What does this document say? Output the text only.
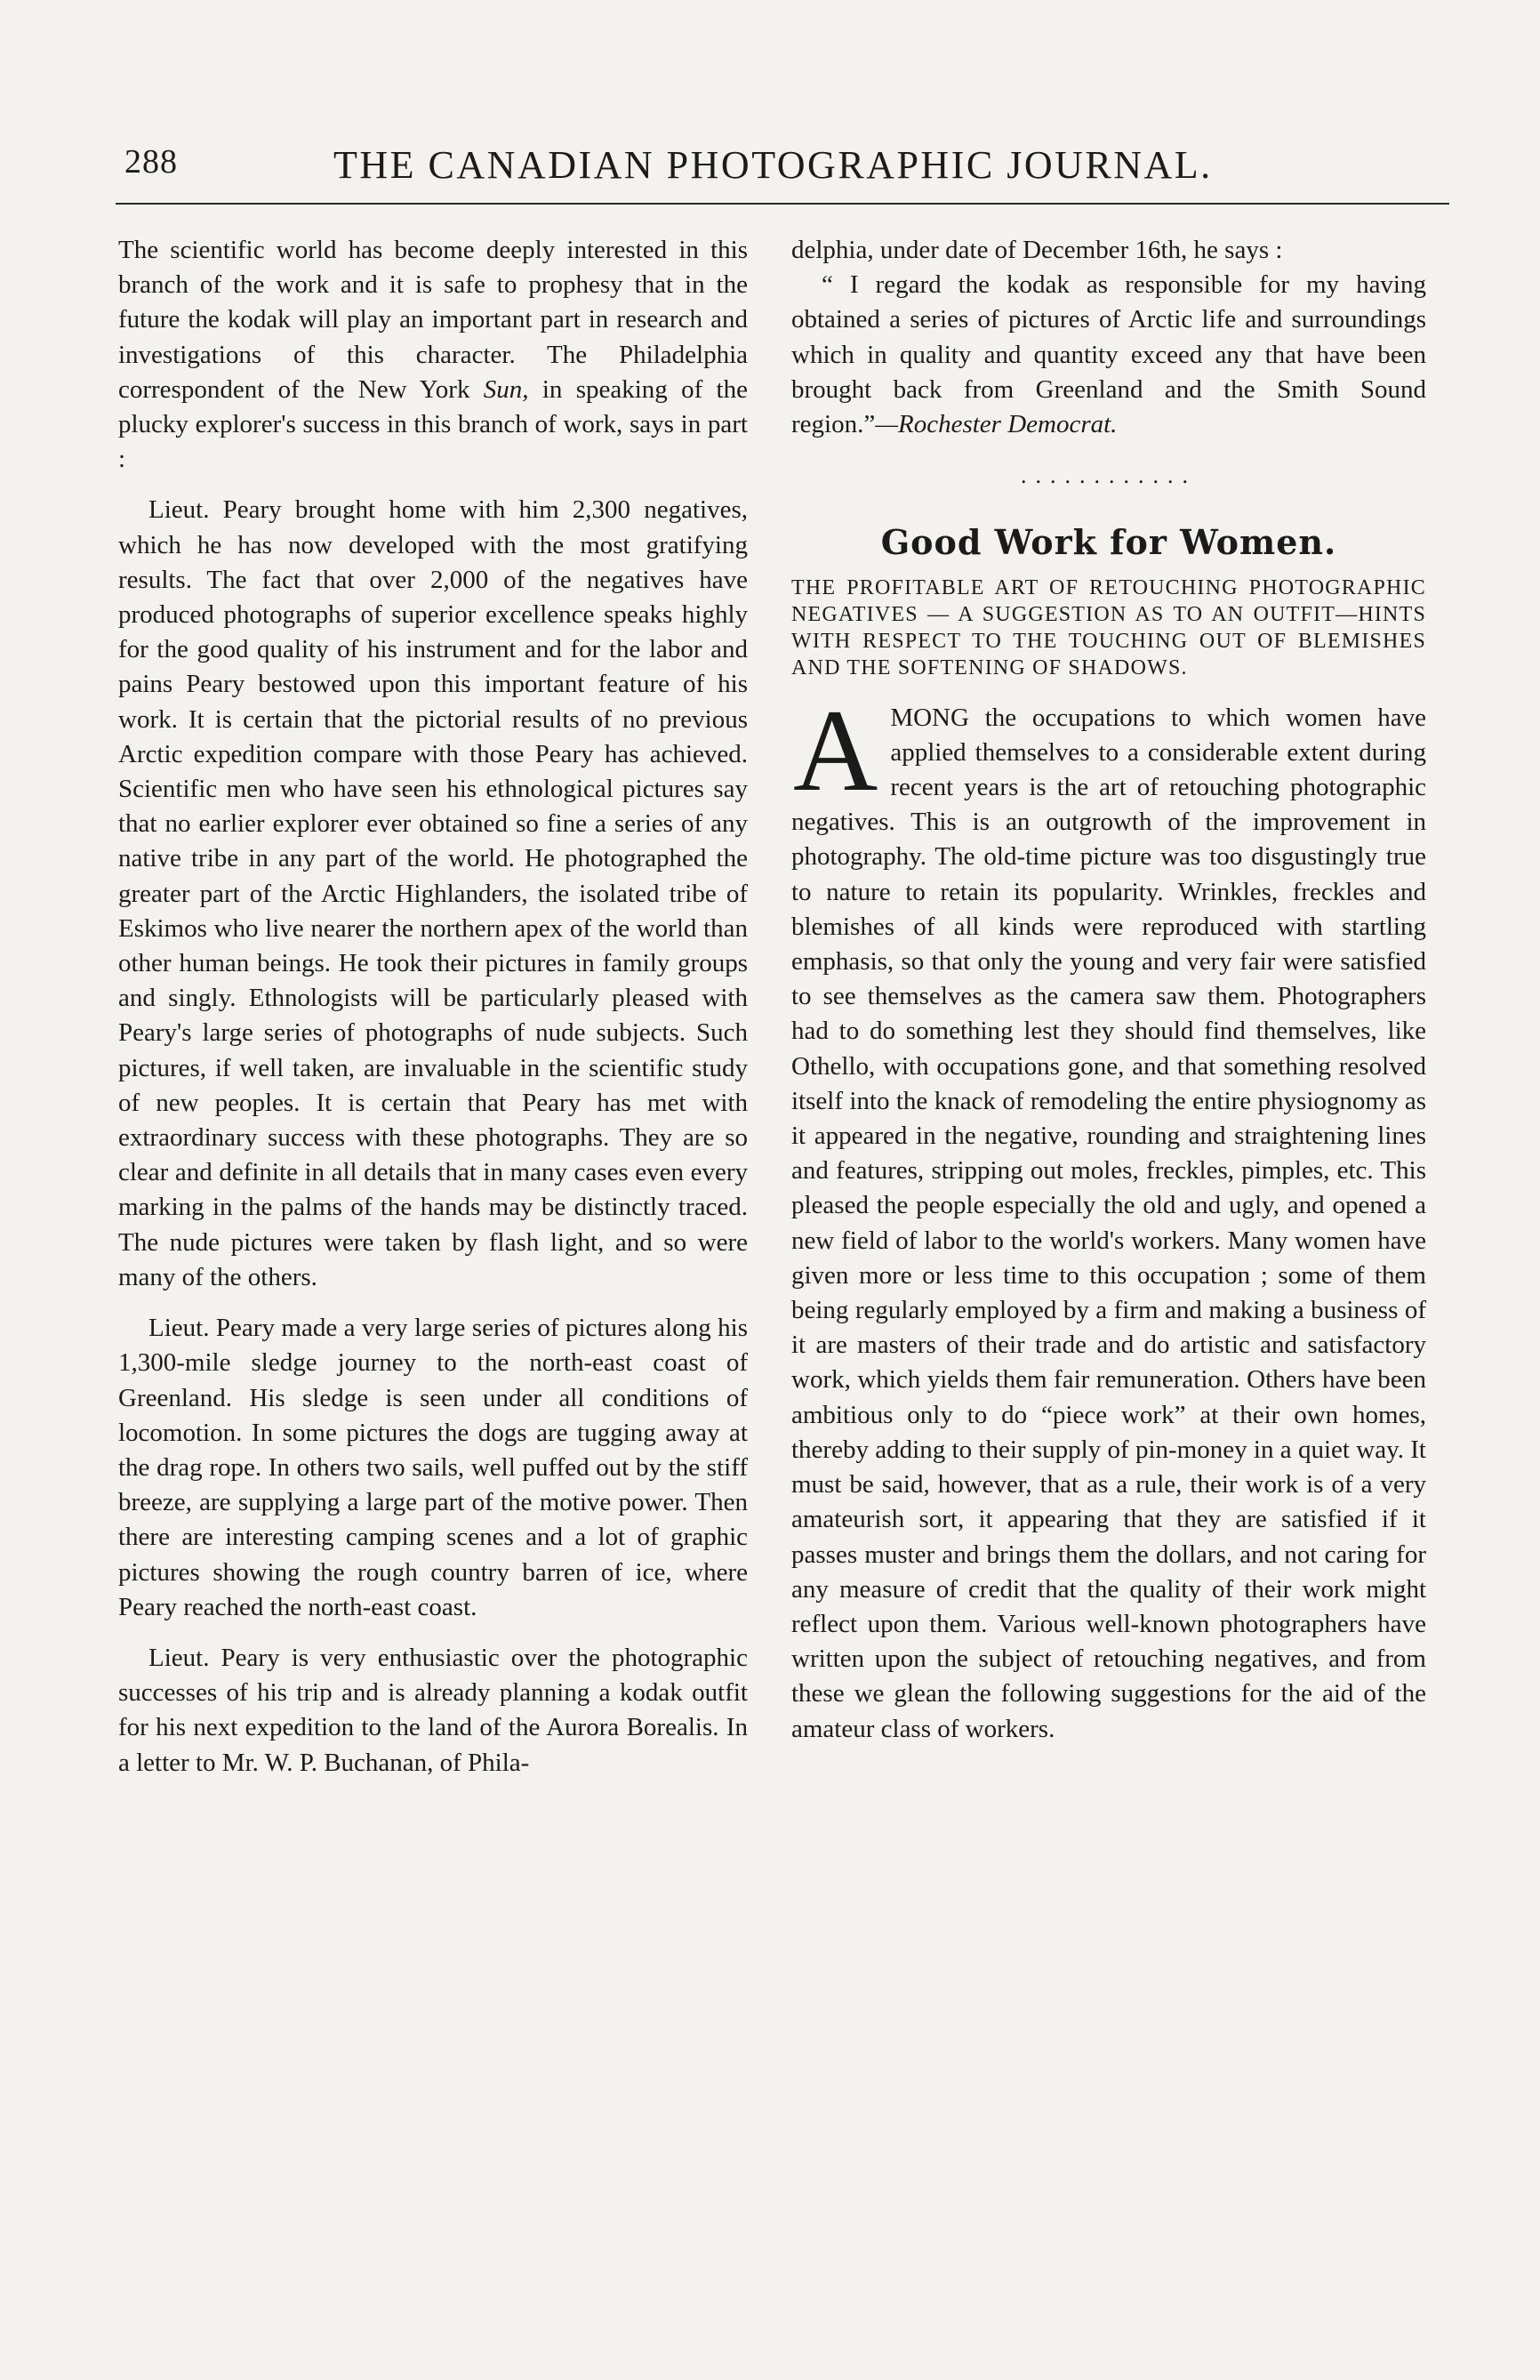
288	THE CANADIAN PHOTOGRAPHIC JOURNAL.

The scientific world has become deeply interested in this branch of the work and it is safe to prophesy that in the future the kodak will play an important part in research and investigations of this character. The Philadelphia correspondent of the New York Sun, in speaking of the plucky explorer's success in this branch of work, says in part :

Lieut. Peary brought home with him 2,300 negatives, which he has now developed with the most gratifying results. The fact that over 2,000 of the negatives have produced photographs of superior excellence speaks highly for the good quality of his instrument and for the labor and pains Peary bestowed upon this important feature of his work. It is certain that the pictorial results of no previous Arctic expedition compare with those Peary has achieved. Scientific men who have seen his ethnological pictures say that no earlier explorer ever obtained so fine a series of any native tribe in any part of the world. He photographed the greater part of the Arctic Highlanders, the isolated tribe of Eskimos who live nearer the northern apex of the world than other human beings. He took their pictures in family groups and singly. Ethnologists will be particularly pleased with Peary's large series of photographs of nude subjects. Such pictures, if well taken, are invaluable in the scientific study of new peoples. It is certain that Peary has met with extraordinary success with these photographs. They are so clear and definite in all details that in many cases even every marking in the palms of the hands may be distinctly traced. The nude pictures were taken by flash light, and so were many of the others.

Lieut. Peary made a very large series of pictures along his 1,300-mile sledge journey to the north-east coast of Greenland. His sledge is seen under all conditions of locomotion. In some pictures the dogs are tugging away at the drag rope. In others two sails, well puffed out by the stiff breeze, are supplying a large part of the motive power. Then there are interesting camping scenes and a lot of graphic pictures showing the rough country barren of ice, where Peary reached the north-east coast.

Lieut. Peary is very enthusiastic over the photographic successes of his trip and is already planning a kodak outfit for his next expedition to the land of the Aurora Borealis. In a letter to Mr. W. P. Buchanan, of Phila-

delphia, under date of December 16th, he says :

“ I regard the kodak as responsible for my having obtained a series of pictures of Arctic life and surroundings which in quality and quantity exceed any that have been brought back from Greenland and the Smith Sound region.”—Rochester Democrat.

............
Good Work for Women.
THE PROFITABLE ART OF RETOUCHING PHOTOGRAPHIC NEGATIVES — A SUGGESTION AS TO AN OUTFIT—HINTS WITH RESPECT TO THE TOUCHING OUT OF BLEMISHES AND THE SOFTENING OF SHADOWS.

AMONG the occupations to which women have applied themselves to a considerable extent during recent years is the art of retouching photographic negatives. This is an outgrowth of the improvement in photography. The old-time picture was too disgustingly true to nature to retain its popularity. Wrinkles, freckles and blemishes of all kinds were reproduced with startling emphasis, so that only the young and very fair were satisfied to see themselves as the camera saw them. Photographers had to do something lest they should find themselves, like Othello, with occupations gone, and that something resolved itself into the knack of remodeling the entire physiognomy as it appeared in the negative, rounding and straightening lines and features, stripping out moles, freckles, pimples, etc. This pleased the people especially the old and ugly, and opened a new field of labor to the world's workers. Many women have given more or less time to this occupation ; some of them being regularly employed by a firm and making a business of it are masters of their trade and do artistic and satisfactory work, which yields them fair remuneration. Others have been ambitious only to do “piece work” at their own homes, thereby adding to their supply of pin-money in a quiet way. It must be said, however, that as a rule, their work is of a very amateurish sort, it appearing that they are satisfied if it passes muster and brings them the dollars, and not caring for any measure of credit that the quality of their work might reflect upon them. Various well-known photographers have written upon the subject of retouching negatives, and from these we glean the following suggestions for the aid of the amateur class of workers.
